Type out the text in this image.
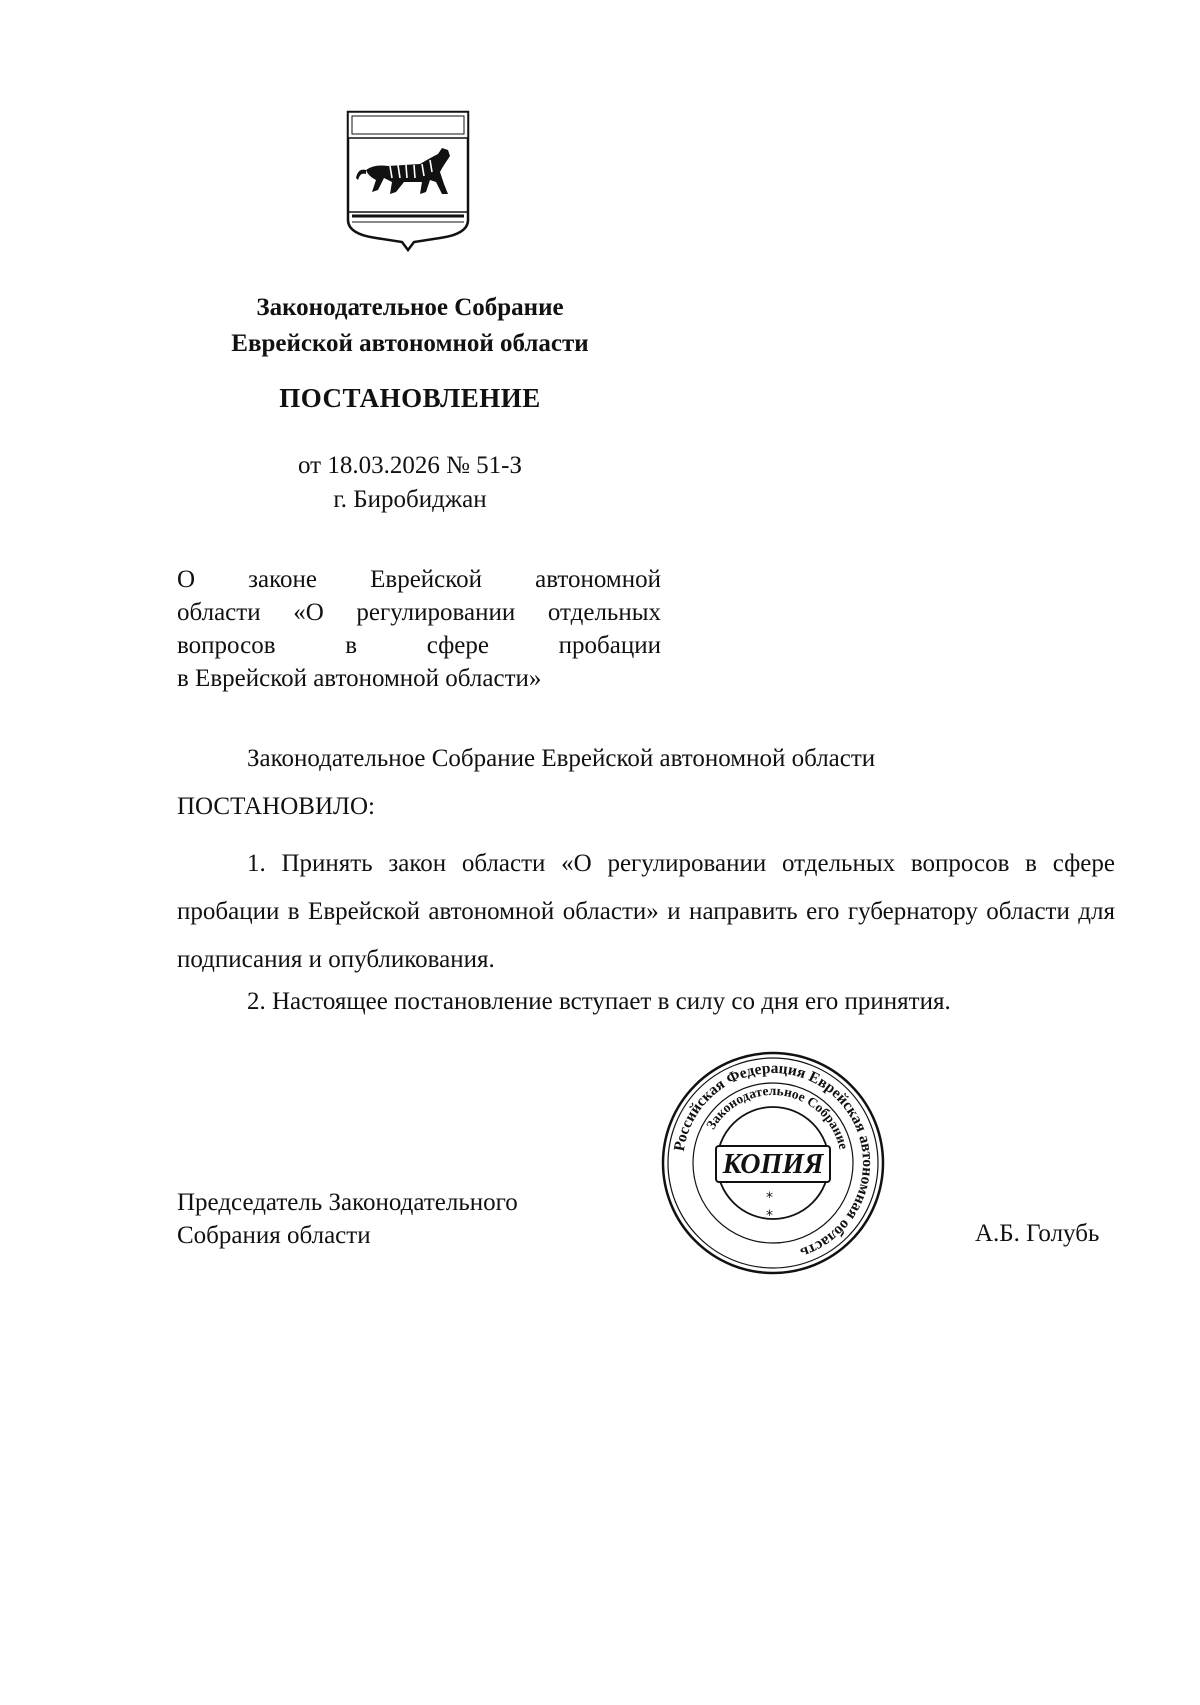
Законодательное Собрание
Еврейской автономной области
ПОСТАНОВЛЕНИЕ
от 18.03.2026 № 51-З
г. Биробиджан
О законе Еврейской автономной
области «О регулировании отдельных
вопросов в сфере пробации
в Еврейской автономной области»
Законодательное Собрание Еврейской автономной области
ПОСТАНОВИЛО:
1. Принять закон области «О регулировании отдельных вопросов в сфере пробации в Еврейской автономной области» и направить его губернатору области для подписания и опубликования.
2. Настоящее постановление вступает в силу со дня его принятия.
Председатель Законодательного
Собрания области	А.Б. Голубь
Российская Федерация Еврейская автономная область
Законодательное Собрание
КОПИЯ
*
*
